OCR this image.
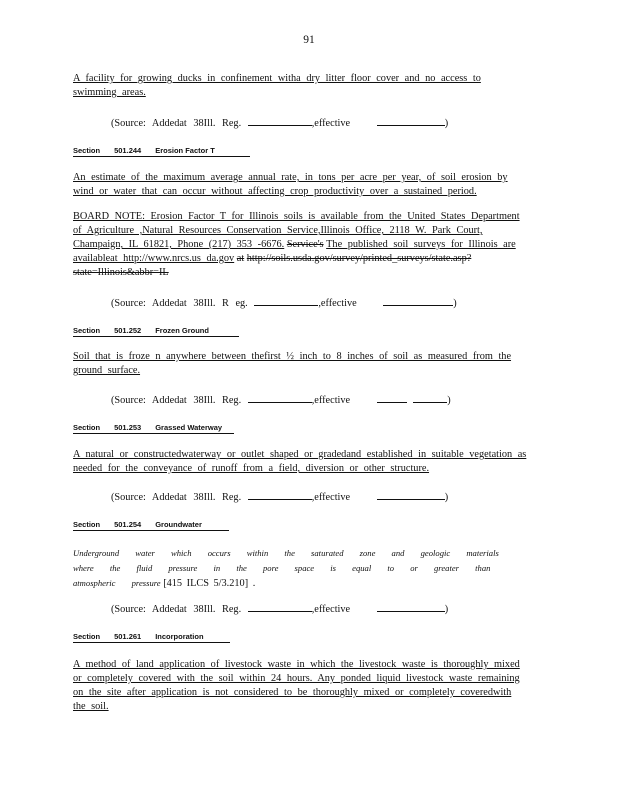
91
A facility for growing ducks in confinement witha dry litter floor cover and no access to swimming areas.
(Source: Addedat 38Ill. Reg.	,effective	)
Section 501.244 Erosion Factor T
An estimate of the maximum average annual rate, in tons per acre per year, of soil erosion by wind or water that can occur without affecting crop productivity over a sustained period.
BOARD NOTE: Erosion Factor T for Illinois soils is available from the United States Department of Agriculture ,Natural Resources Conservation Service,Illinois Office, 2118 W. Park Court, Champaign, IL 61821, Phone (217) 353 -6676. Service's The published soil surveys for Illinois are availableat http://www.nrcs.us da.gov at http://soils.usda.gov/survey/printed_surveys/state.asp?state=Illinois&abbr=IL
(Source: Addedat 38Ill. R eg.	,effective	)
Section 501.252 Frozen Ground
Soil that is froze n anywhere between thefirst ½ inch to 8 inches of soil as measured from the ground surface.
(Source: Addedat 38Ill. Reg.	,effective	)
Section 501.253 Grassed Waterway
A natural or constructedwaterway or outlet shaped or gradedand established in suitable vegetation as needed for the conveyance of runoff from a field, diversion or other structure.
(Source: Addedat 38Ill. Reg.	,effective	)
Section 501.254 Groundwater
Underground water which occurs within the saturated zone and geologic materials where the fluid pressure in the pore space is equal to or greater than atmospheric pressure [415 ILCS 5/3.210] .
(Source: Addedat 38Ill. Reg.	,effective	)
Section 501.261 Incorporation
A method of land application of livestock waste in which the livestock waste is thoroughly mixed or completely covered with the soil within 24 hours. Any ponded liquid livestock waste remaining on the site after application is not considered to be thoroughly mixed or completely coveredwith the soil.
